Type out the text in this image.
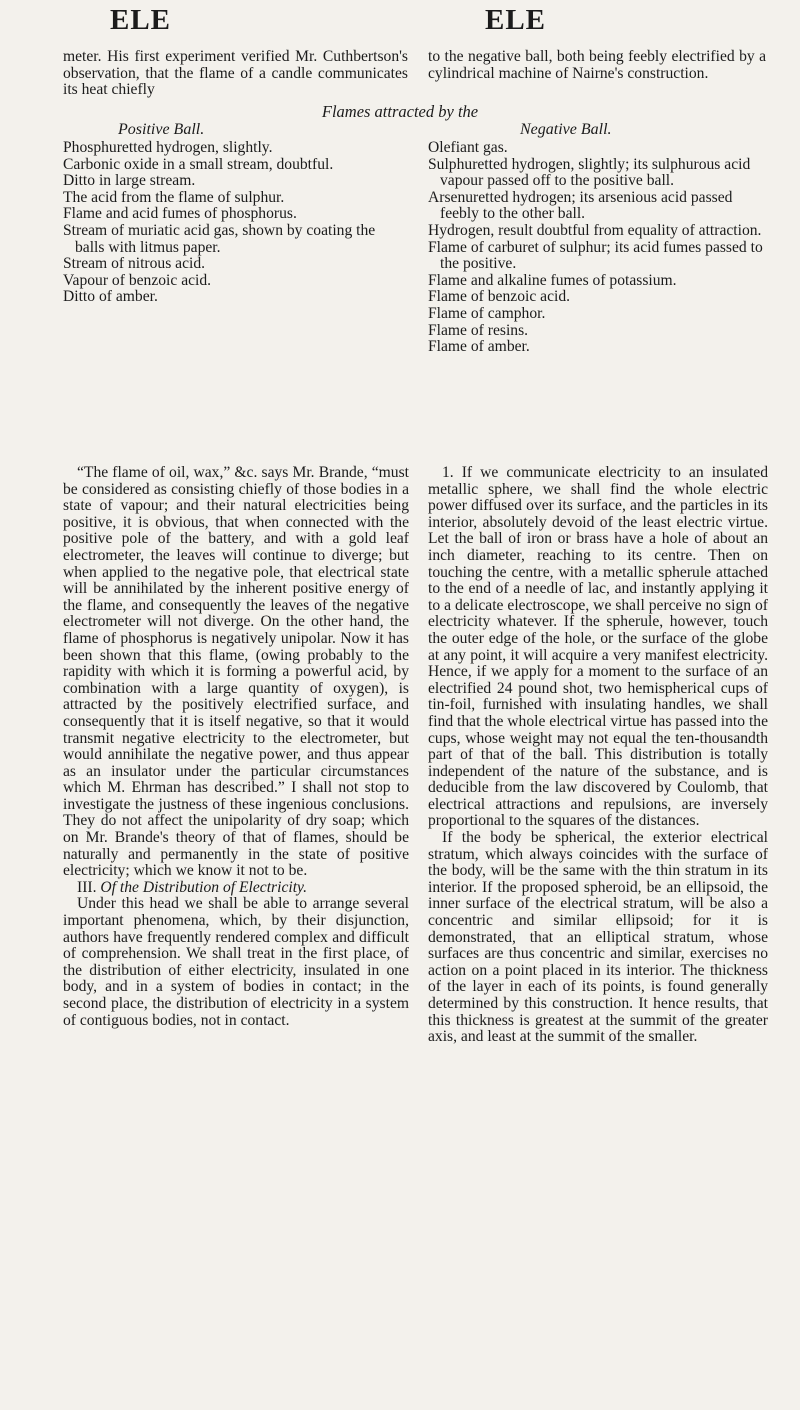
ELE	ELE

meter. His first experiment verified Mr. Cuthbertson's observation, that the flame of a candle communicates its heat chiefly

to the negative ball, both being feebly electrified by a cylindrical machine of Nairne's construction.

Flames attracted by the
Positive Ball.	Negative Ball.
Phosphuretted hydrogen, slightly.
Carbonic oxide in a small stream, doubtful.
Ditto in large stream.
The acid from the flame of sulphur.
Flame and acid fumes of phosphorus.
Stream of muriatic acid gas, shown by coating the balls with litmus paper.
Stream of nitrous acid.
Vapour of benzoic acid.
Ditto of amber.
Olefiant gas.
Sulphuretted hydrogen, slightly; its sulphurous acid vapour passed off to the positive ball.
Arsenuretted hydrogen; its arsenious acid passed feebly to the other ball.
Hydrogen, result doubtful from equality of attraction.
Flame of carburet of sulphur; its acid fumes passed to the positive.
Flame and alkaline fumes of potassium.
Flame of benzoic acid.
Flame of camphor.
Flame of resins.
Flame of amber.

“The flame of oil, wax,” &c. says Mr. Brande, “must be considered as consisting chiefly of those bodies in a state of vapour; and their natural electricities being positive, it is obvious, that when connected with the positive pole of the battery, and with a gold leaf electrometer, the leaves will continue to diverge; but when applied to the negative pole, that electrical state will be annihilated by the inherent positive energy of the flame, and consequently the leaves of the negative electrometer will not diverge. On the other hand, the flame of phosphorus is negatively unipolar. Now it has been shown that this flame, (owing probably to the rapidity with which it is forming a powerful acid, by combination with a large quantity of oxygen), is attracted by the positively electrified surface, and consequently that it is itself negative, so that it would transmit negative electricity to the electrometer, but would annihilate the negative power, and thus appear as an insulator under the particular circumstances which M. Ehrman has described.” I shall not stop to investigate the justness of these ingenious conclusions. They do not affect the unipolarity of dry soap; which on Mr. Brande's theory of that of flames, should be naturally and permanently in the state of positive electricity; which we know it not to be.

III. Of the Distribution of Electricity.

Under this head we shall be able to arrange several important phenomena, which, by their disjunction, authors have frequently rendered complex and difficult of comprehension. We shall treat in the first place, of the distribution of either electricity, insulated in one body, and in a system of bodies in contact; in the second place, the distribution of electricity in a system of contiguous bodies, not in contact.

1. If we communicate electricity to an insulated metallic sphere, we shall find the whole electric power diffused over its surface, and the particles in its interior, absolutely devoid of the least electric virtue. Let the ball of iron or brass have a hole of about an inch diameter, reaching to its centre. Then on touching the centre, with a metallic spherule attached to the end of a needle of lac, and instantly applying it to a delicate electroscope, we shall perceive no sign of electricity whatever. If the spherule, however, touch the outer edge of the hole, or the surface of the globe at any point, it will acquire a very manifest electricity. Hence, if we apply for a moment to the surface of an electrified 24 pound shot, two hemispherical cups of tin-foil, furnished with insulating handles, we shall find that the whole electrical virtue has passed into the cups, whose weight may not equal the ten-thousandth part of that of the ball. This distribution is totally independent of the nature of the substance, and is deducible from the law discovered by Coulomb, that electrical attractions and repulsions, are inversely proportional to the squares of the distances.

If the body be spherical, the exterior electrical stratum, which always coincides with the surface of the body, will be the same with the thin stratum in its interior. If the proposed spheroid, be an ellipsoid, the inner surface of the electrical stratum, will be also a concentric and similar ellipsoid; for it is demonstrated, that an elliptical stratum, whose surfaces are thus concentric and similar, exercises no action on a point placed in its interior. The thickness of the layer in each of its points, is found generally determined by this construction. It hence results, that this thickness is greatest at the summit of the greater axis, and least at the summit of the smaller.
